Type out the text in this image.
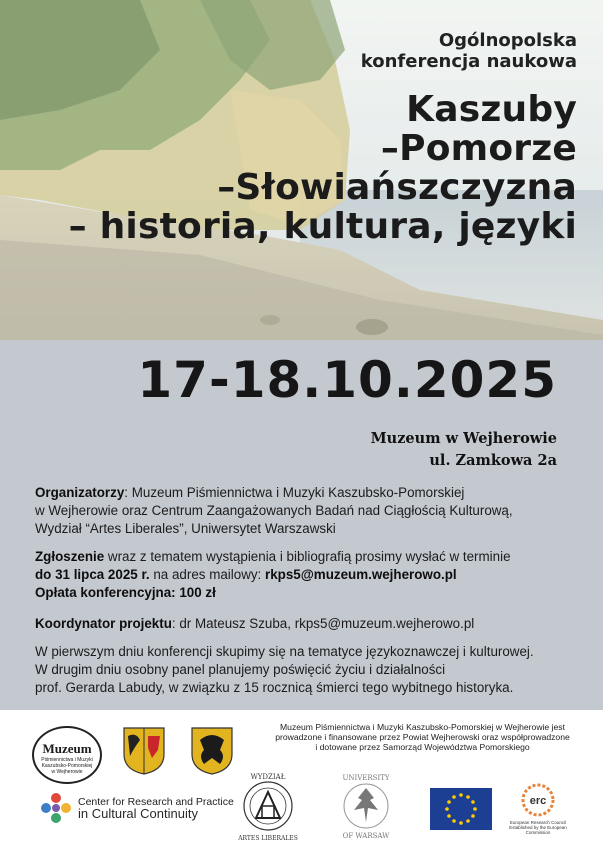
Ogólnopolska
konferencja naukowa
Kaszuby
–Pomorze
–Słowiańszczyzna
– historia, kultura, języki
17-18.10.2025
Muzeum w Wejherowie
ul. Zamkowa 2a

Organizatorzy: Muzeum Piśmiennictwa i Muzyki Kaszubsko-Pomorskiej

w Wejherowie oraz Centrum Zaangażowanych Badań nad Ciągłością Kulturową,

Wydział “Artes Liberales”, Uniwersytet Warszawski

Zgłoszenie wraz z tematem wystąpienia i bibliografią prosimy wysłać w terminie

do 31 lipca 2025 r. na adres mailowy: rkps5@muzeum.wejherowo.pl

Opłata konferencyjna: 100 zł

Koordynator projektu: dr Mateusz Szuba, rkps5@muzeum.wejherowo.pl

W pierwszym dniu konferencji skupimy się na tematyce językoznawczej i kulturowej.

W drugim dniu osobny panel planujemy poświęcić życiu i działalności

prof. Gerarda Labudy, w związku z 15 rocznicą śmierci tego wybitnego historyka.

Muzeum
Piśmiennictwa i Muzyki
Kaszubsko-Pomorskiej
w Wejherowie
Muzeum Piśmiennictwa i Muzyki Kaszubsko-Pomorskiej w Wejherowie jest
prowadzone i finansowane przez Powiat Wejherowski oraz współprowadzone
i dotowane przez Samorząd Województwa Pomorskiego
Center for Research and Practice
in Cultural Continuity
WYDZIAŁ
ARTES LIBERALES
UNIVERSITY
OF WARSAW
erc
European Research Council
Established by the European Commission
